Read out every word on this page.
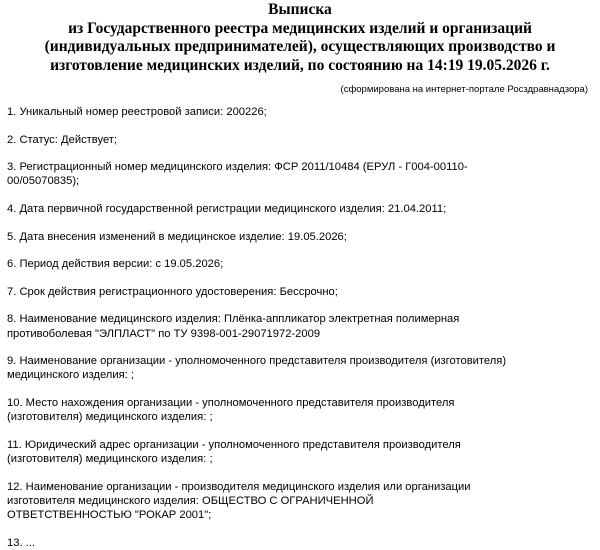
Выписка
из Государственного реестра медицинских изделий и организаций
(индивидуальных предпринимателей), осуществляющих производство и
изготовление медицинских изделий, по состоянию на 14:19 19.05.2026 г.
(сформирована на интернет-портале Росздравнадзора)
1. Уникальный номер реестровой записи: 200226;
2. Статус: Действует;
3. Регистрационный номер медицинского изделия: ФСР 2011/10484 (ЕРУЛ - Г004-00110-
00/05070835);
4. Дата первичной государственной регистрации медицинского изделия: 21.04.2011;
5. Дата внесения изменений в медицинское изделие: 19.05.2026;
6. Период действия версии: с 19.05.2026;
7. Срок действия регистрационного удостоверения: Бессрочно;
8. Наименование медицинского изделия: Плёнка-аппликатор электретная полимерная
противоболевая "ЭЛПЛАСТ" по ТУ 9398-001-29071972-2009
9. Наименование организации - уполномоченного представителя производителя (изготовителя)
медицинского изделия: ;
10. Место нахождения организации - уполномоченного представителя производителя
(изготовителя) медицинского изделия: ;
11. Юридический адрес организации - уполномоченного представителя производителя
(изготовителя) медицинского изделия: ;
12. Наименование организации - производителя медицинского изделия или организации
изготовителя медицинского изделия: ОБЩЕСТВО С ОГРАНИЧЕННОЙ
ОТВЕТСТВЕННОСТЬЮ "РОКАР 2001";
13. ...
